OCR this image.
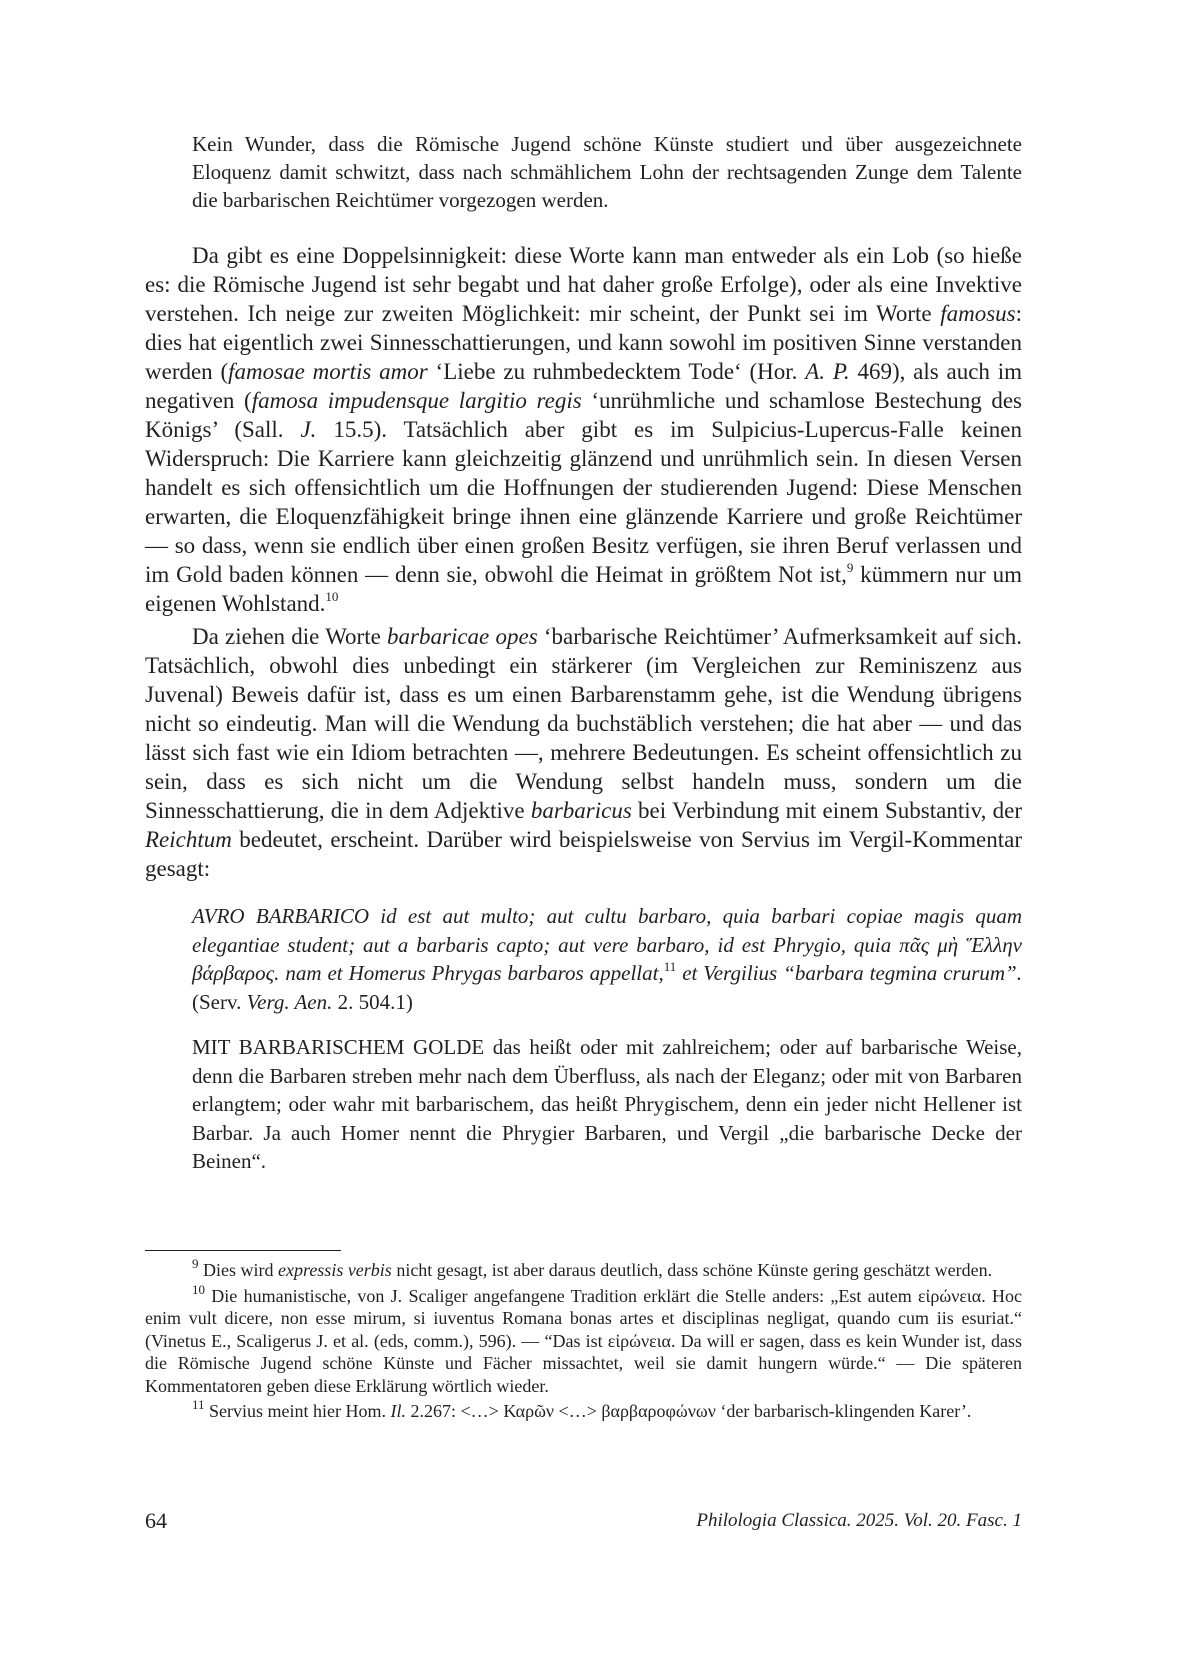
Kein Wunder, dass die Römische Jugend schöne Künste studiert und über ausgezeichnete Eloquenz damit schwitzt, dass nach schmählichem Lohn der rechtsagenden Zunge dem Talente die barbarischen Reichtümer vorgezogen werden.

Da gibt es eine Doppelsinnigkeit: diese Worte kann man entweder als ein Lob (so hieße es: die Römische Jugend ist sehr begabt und hat daher große Erfolge), oder als eine Invektive verstehen. Ich neige zur zweiten Möglichkeit: mir scheint, der Punkt sei im Worte famosus: dies hat eigentlich zwei Sinnesschattierungen, und kann sowohl im positiven Sinne verstanden werden (famosae mortis amor ‘Liebe zu ruhmbedecktem Tode‘ (Hor. A. P. 469), als auch im negativen (famosa impudensque largitio regis ‘unrühmliche und schamlose Bestechung des Königs’ (Sall. J. 15.5). Tatsächlich aber gibt es im Sulpicius-Lupercus-Falle keinen Widerspruch: Die Karriere kann gleichzeitig glänzend und unrühmlich sein. In diesen Versen handelt es sich offensichtlich um die Hoffnungen der studierenden Jugend: Diese Menschen erwarten, die Eloquenzfähigkeit bringe ihnen eine glänzende Karriere und große Reichtümer — so dass, wenn sie endlich über einen großen Besitz verfügen, sie ihren Beruf verlassen und im Gold baden können — denn sie, obwohl die Heimat in größtem Not ist,$^9$ kümmern nur um eigenen Wohlstand.$^{10}$

Da ziehen die Worte barbaricae opes ‘barbarische Reichtümer’ Aufmerksamkeit auf sich. Tatsächlich, obwohl dies unbedingt ein stärkerer (im Vergleichen zur Reminiszenz aus Juvenal) Beweis dafür ist, dass es um einen Barbarenstamm gehe, ist die Wendung übrigens nicht so eindeutig. Man will die Wendung da buchstäblich verstehen; die hat aber — und das lässt sich fast wie ein Idiom betrachten —, mehrere Bedeutungen. Es scheint offensichtlich zu sein, dass es sich nicht um die Wendung selbst handeln muss, sondern um die Sinnesschattierung, die in dem Adjektive barbaricus bei Verbindung mit einem Substantiv, der Reichtum bedeutet, erscheint. Darüber wird beispielsweise von Servius im Vergil-Kommentar gesagt:

AVRO BARBARICO id est aut multo; aut cultu barbaro, quia barbari copiae magis quam elegantiae student; aut a barbaris capto; aut vere barbaro, id est Phrygio, quia πᾶς μὴ Ἕλλην βάρβαρος. nam et Homerus Phrygas barbaros appellat,$^{11}$ et Vergilius “barbara tegmina crurum”. (Serv. Verg. Aen. 2. 504.1)

MIT BARBARISCHEM GOLDE das heißt oder mit zahlreichem; oder auf barbarische Weise, denn die Barbaren streben mehr nach dem Überfluss, als nach der Eleganz; oder mit von Barbaren erlangtem; oder wahr mit barbarischem, das heißt Phrygischem, denn ein jeder nicht Hellener ist Barbar. Ja auch Homer nennt die Phrygier Barbaren, und Vergil „die barbarische Decke der Beinen“.

$^9$ Dies wird expressis verbis nicht gesagt, ist aber daraus deutlich, dass schöne Künste gering geschätzt werden.

$^{10}$ Die humanistische, von J. Scaliger angefangene Tradition erklärt die Stelle anders: „Est autem εἰρώνεια. Hoc enim vult dicere, non esse mirum, si iuventus Romana bonas artes et disciplinas negligat, quando cum iis esuriat.“ (Vinetus E., Scaligerus J. et al. (eds, comm.), 596). — “Das ist εἰρώνεια. Da will er sagen, dass es kein Wunder ist, dass die Römische Jugend schöne Künste und Fächer missachtet, weil sie damit hungern würde.“ — Die späteren Kommentatoren geben diese Erklärung wörtlich wieder.

$^{11}$ Servius meint hier Hom. Il. 2.267: <…> Καρῶν <…> βαρβαροφώνων ‘der barbarisch-klingenden Karer’.

64	Philologia Classica. 2025. Vol. 20. Fasc. 1
